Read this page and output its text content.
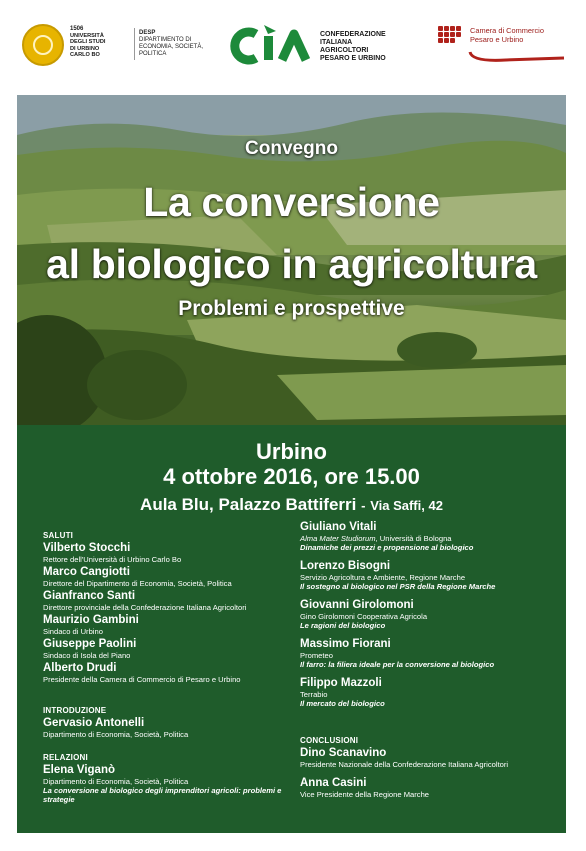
1506
UNIVERSITÀ
DEGLI STUDI
DI URBINO
CARLO BO
DESP
DIPARTIMENTO DI
ECONOMIA, SOCIETÀ, POLITICA
CONFEDERAZIONE
ITALIANA
AGRICOLTORI
PESARO E URBINO
Camera di Commercio
Pesaro e Urbino
Convegno
La conversione
al biologico in agricoltura
Problemi e prospettive
Urbino
4 ottobre 2016, ore 15.00
Aula Blu, Palazzo Battiferri - Via Saffi, 42
SALUTI
Vilberto Stocchi
Rettore dell'Università di Urbino Carlo Bo
Marco Cangiotti
Direttore del Dipartimento di Economia, Società, Politica
Gianfranco Santi
Direttore provinciale della Confederazione Italiana Agricoltori
Maurizio Gambini
Sindaco di Urbino
Giuseppe Paolini
Sindaco di Isola del Piano
Alberto Drudi
Presidente della Camera di Commercio di Pesaro e Urbino
INTRODUZIONE
Gervasio Antonelli
Dipartimento di Economia, Società, Politica
RELAZIONI
Elena Viganò
Dipartimento di Economia, Società, Politica
La conversione al biologico degli imprenditori agricoli: problemi e strategie
Giuliano Vitali
Alma Mater Studiorum, Università di Bologna
Dinamiche dei prezzi e propensione al biologico
Lorenzo Bisogni
Servizio Agricoltura e Ambiente, Regione Marche
Il sostegno al biologico nel PSR della Regione Marche
Giovanni Girolomoni
Gino Girolomoni Cooperativa Agricola
Le ragioni del biologico
Massimo Fiorani
Prometeo
Il farro: la filiera ideale per la conversione al biologico
Filippo Mazzoli
Terrabio
Il mercato del biologico
CONCLUSIONI
Dino Scanavino
Presidente Nazionale della Confederazione Italiana Agricoltori
Anna Casini
Vice Presidente della Regione Marche
